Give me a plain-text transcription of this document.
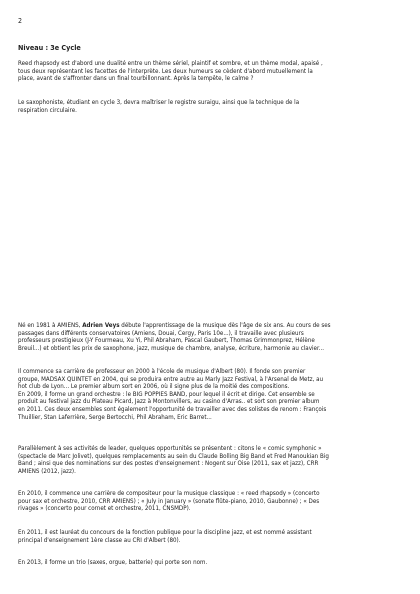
2
Niveau : 3e Cycle

Reed rhapsody est d'abord une dualité entre un thème sériel, plaintif et sombre, et un thème modal, apaisé ,

tous deux représentant les facettes de l'interprète. Les deux humeurs se cèdent d'abord mutuellement la

place, avant de s'affronter dans un final tourbillonnant. Après la tempête, le calme ?

Le saxophoniste, étudiant en cycle 3, devra maîtriser le registre suraigu, ainsi que la technique de la

respiration circulaire.

Né en 1981 à AMIENS, Adrien Veys débute l'apprentissage de la musique dès l'âge de six ans. Au cours de ses

passages dans différents conservatoires (Amiens, Douai, Cergy, Paris 10e...), il travaille avec plusieurs

professeurs prestigieux (J-Y Fourmeau, Xu Yi, Phil Abraham, Pascal Gaubert, Thomas Grimmonprez, Hélène

Breuil...) et obtient les prix de saxophone, jazz, musique de chambre, analyse, écriture, harmonie au clavier...

Il commence sa carrière de professeur en 2000 à l'école de musique d'Albert (80). Il fonde son premier

groupe, MADSAX QUINTET en 2004, qui se produira entre autre au Marly Jazz Festival, à l'Arsenal de Metz, au

hot club de Lyon... Le premier album sort en 2006, où il signe plus de la moitié des compositions.

En 2009, il forme un grand orchestre : le BIG POPPIES BAND, pour lequel il écrit et dirige. Cet ensemble se

produit au festival jazz du Plateau Picard, Jazz à Montonvillers, au casino d'Arras.. et sort son premier album

en 2011. Ces deux ensembles sont également l'opportunité de travailler avec des solistes de renom : François

Thuillier, Stan Laferrière, Serge Bertocchi, Phil Abraham, Eric Barret...

Parallèlement à ses activités de leader, quelques opportunités se présentent : citons le « comic symphonic »

(spectacle de Marc Jolivet), quelques remplacements au sein du Claude Bolling Big Band et Fred Manoukian Big

Band ; ainsi que des nominations sur des postes d'enseignement : Nogent sur Oise (2011, sax et jazz), CRR

AMIENS (2012, jazz).

En 2010, il commence une carrière de compositeur pour la musique classique : « reed rhapsody » (concerto

pour sax et orchestre, 2010, CRR AMIENS) ; « July in January » (sonate flûte-piano, 2010, Gaubonne) ; « Des

rivages » (concerto pour cornet et orchestre, 2011, CNSMDP).

En 2011, il est lauréat du concours de la fonction publique pour la discipline jazz, et est nommé assistant

principal d'enseignement 1ère classe au CRI d'Albert (80).

En 2013, il forme un trio (saxes, orgue, batterie) qui porte son nom.
